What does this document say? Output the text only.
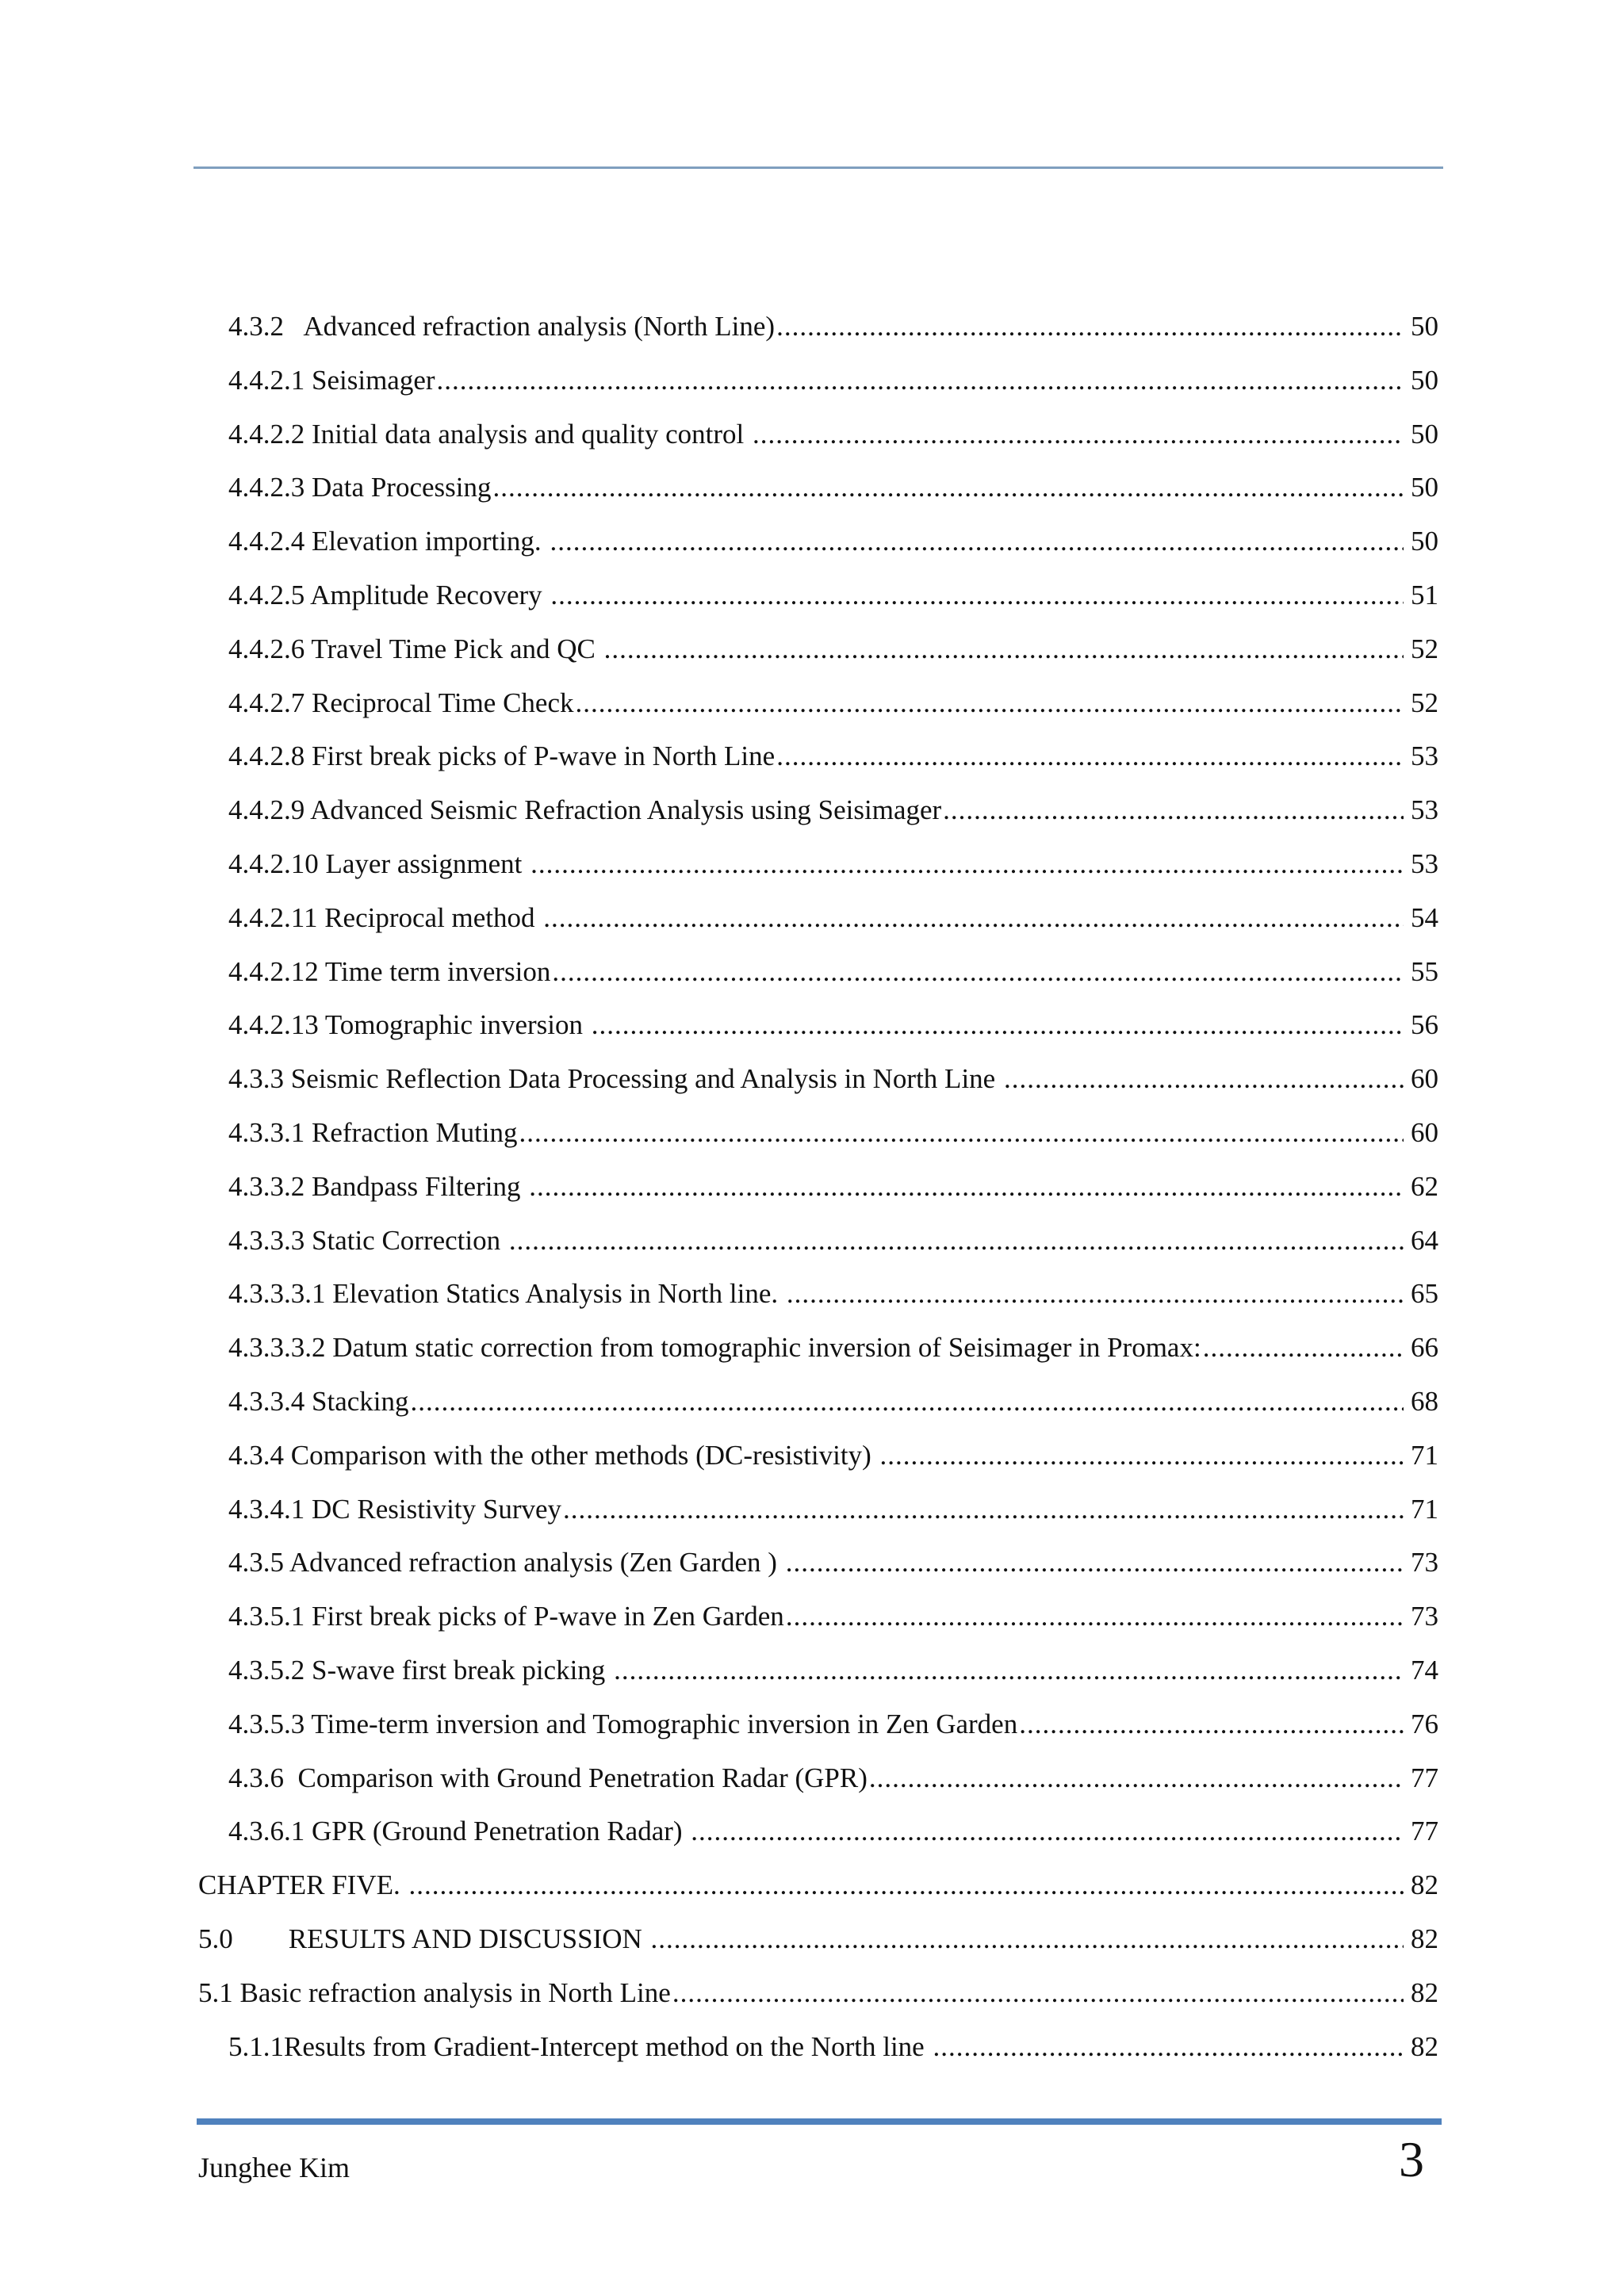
4.3.2   Advanced refraction analysis (North Line) .....	50
4.4.2.1 Seisimager .....	50
4.4.2.2 Initial data analysis and quality control .....	50
4.4.2.3 Data Processing .....	50
4.4.2.4 Elevation importing. .....	50
4.4.2.5 Amplitude Recovery .....	51
4.4.2.6 Travel Time Pick and QC .....	52
4.4.2.7 Reciprocal Time Check .....	52
4.4.2.8 First break picks of P-wave in North Line .....	53
4.4.2.9 Advanced Seismic Refraction Analysis using Seisimager .....	53
4.4.2.10 Layer assignment .....	53
4.4.2.11 Reciprocal method .....	54
4.4.2.12 Time term inversion .....	55
4.4.2.13 Tomographic inversion .....	56
4.3.3 Seismic Reflection Data Processing and Analysis in North Line .....	60
4.3.3.1 Refraction Muting .....	60
4.3.3.2 Bandpass Filtering .....	62
4.3.3.3 Static Correction .....	64
4.3.3.3.1 Elevation Statics Analysis in North line. .....	65
4.3.3.3.2 Datum static correction from tomographic inversion of Seisimager in Promax: .....	66
4.3.3.4 Stacking .....	68
4.3.4 Comparison with the other methods (DC-resistivity) .....	71
4.3.4.1 DC Resistivity Survey .....	71
4.3.5 Advanced refraction analysis (Zen Garden ) .....	73
4.3.5.1 First break picks of P-wave in Zen Garden .....	73
4.3.5.2 S-wave first break picking .....	74
4.3.5.3 Time-term inversion and Tomographic inversion in Zen Garden .....	76
4.3.6  Comparison with Ground Penetration Radar (GPR) .....	77
4.3.6.1 GPR (Ground Penetration Radar) .....	77
CHAPTER FIVE. .....	82
5.0        RESULTS AND DISCUSSION .....	82
5.1 Basic refraction analysis in North Line .....	82
5.1.1Results from Gradient-Intercept method on the North line .....	82
Junghee Kim	3
